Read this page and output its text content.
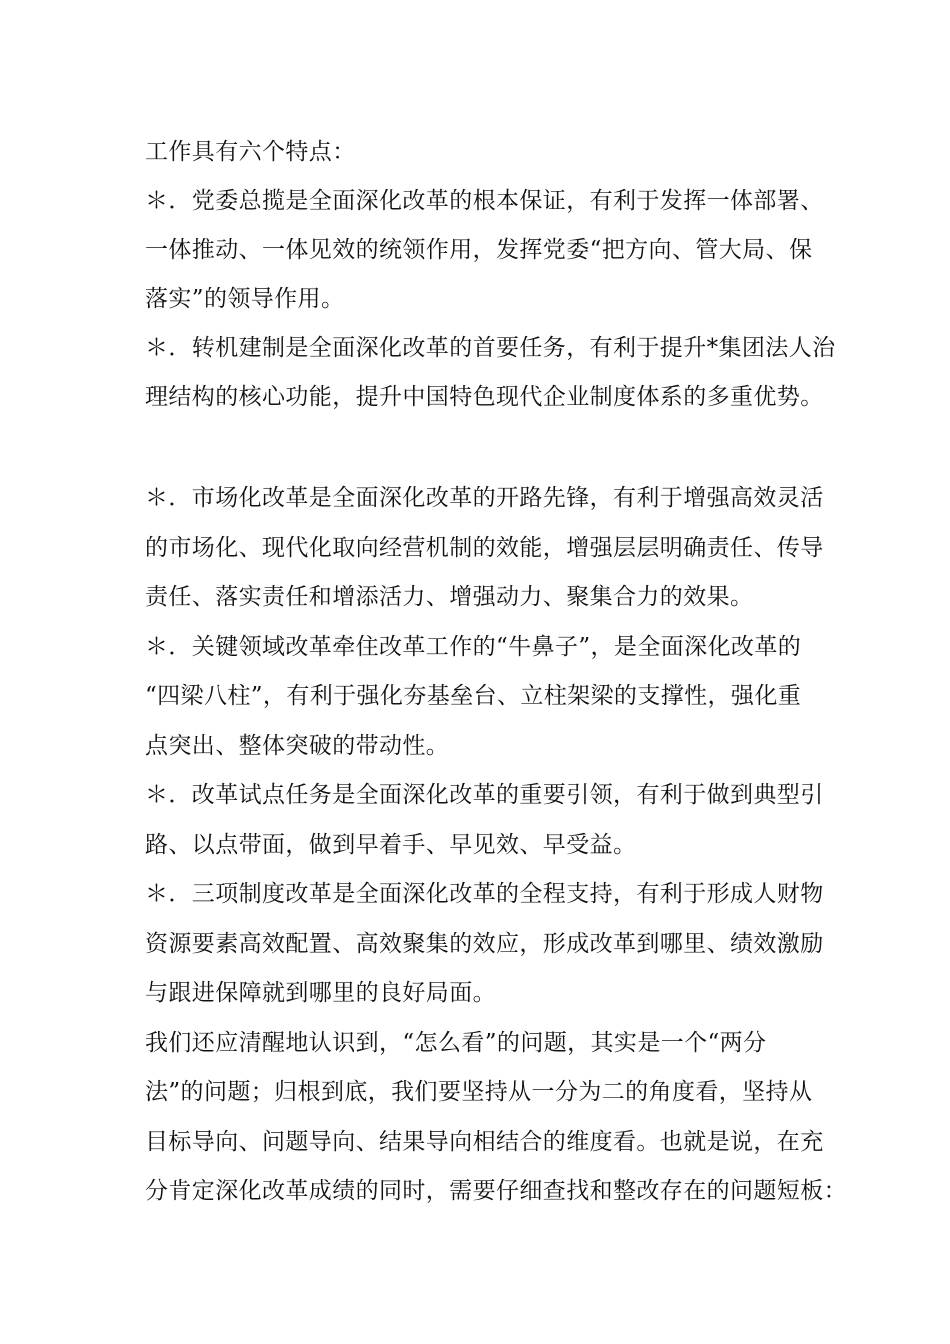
工作具有六个特点：
＊．党委总揽是全面深化改革的根本保证，有利于发挥一体部署、
一体推动、一体见效的统领作用，发挥党委“把方向、管大局、保
落实”的领导作用。
＊．转机建制是全面深化改革的首要任务，有利于提升*集团法人治
理结构的核心功能，提升中国特色现代企业制度体系的多重优势。
＊．市场化改革是全面深化改革的开路先锋，有利于增强高效灵活
的市场化、现代化取向经营机制的效能，增强层层明确责任、传导
责任、落实责任和增添活力、增强动力、聚集合力的效果。
＊．关键领域改革牵住改革工作的“牛鼻子”，是全面深化改革的
“四梁八柱”，有利于强化夯基垒台、立柱架梁的支撑性，强化重
点突出、整体突破的带动性。
＊．改革试点任务是全面深化改革的重要引领，有利于做到典型引
路、以点带面，做到早着手、早见效、早受益。
＊．三项制度改革是全面深化改革的全程支持，有利于形成人财物
资源要素高效配置、高效聚集的效应，形成改革到哪里、绩效激励
与跟进保障就到哪里的良好局面。
我们还应清醒地认识到，“怎么看”的问题，其实是一个“两分
法”的问题；归根到底，我们要坚持从一分为二的角度看，坚持从
目标导向、问题导向、结果导向相结合的维度看。也就是说，在充
分肯定深化改革成绩的同时，需要仔细查找和整改存在的问题短板：
